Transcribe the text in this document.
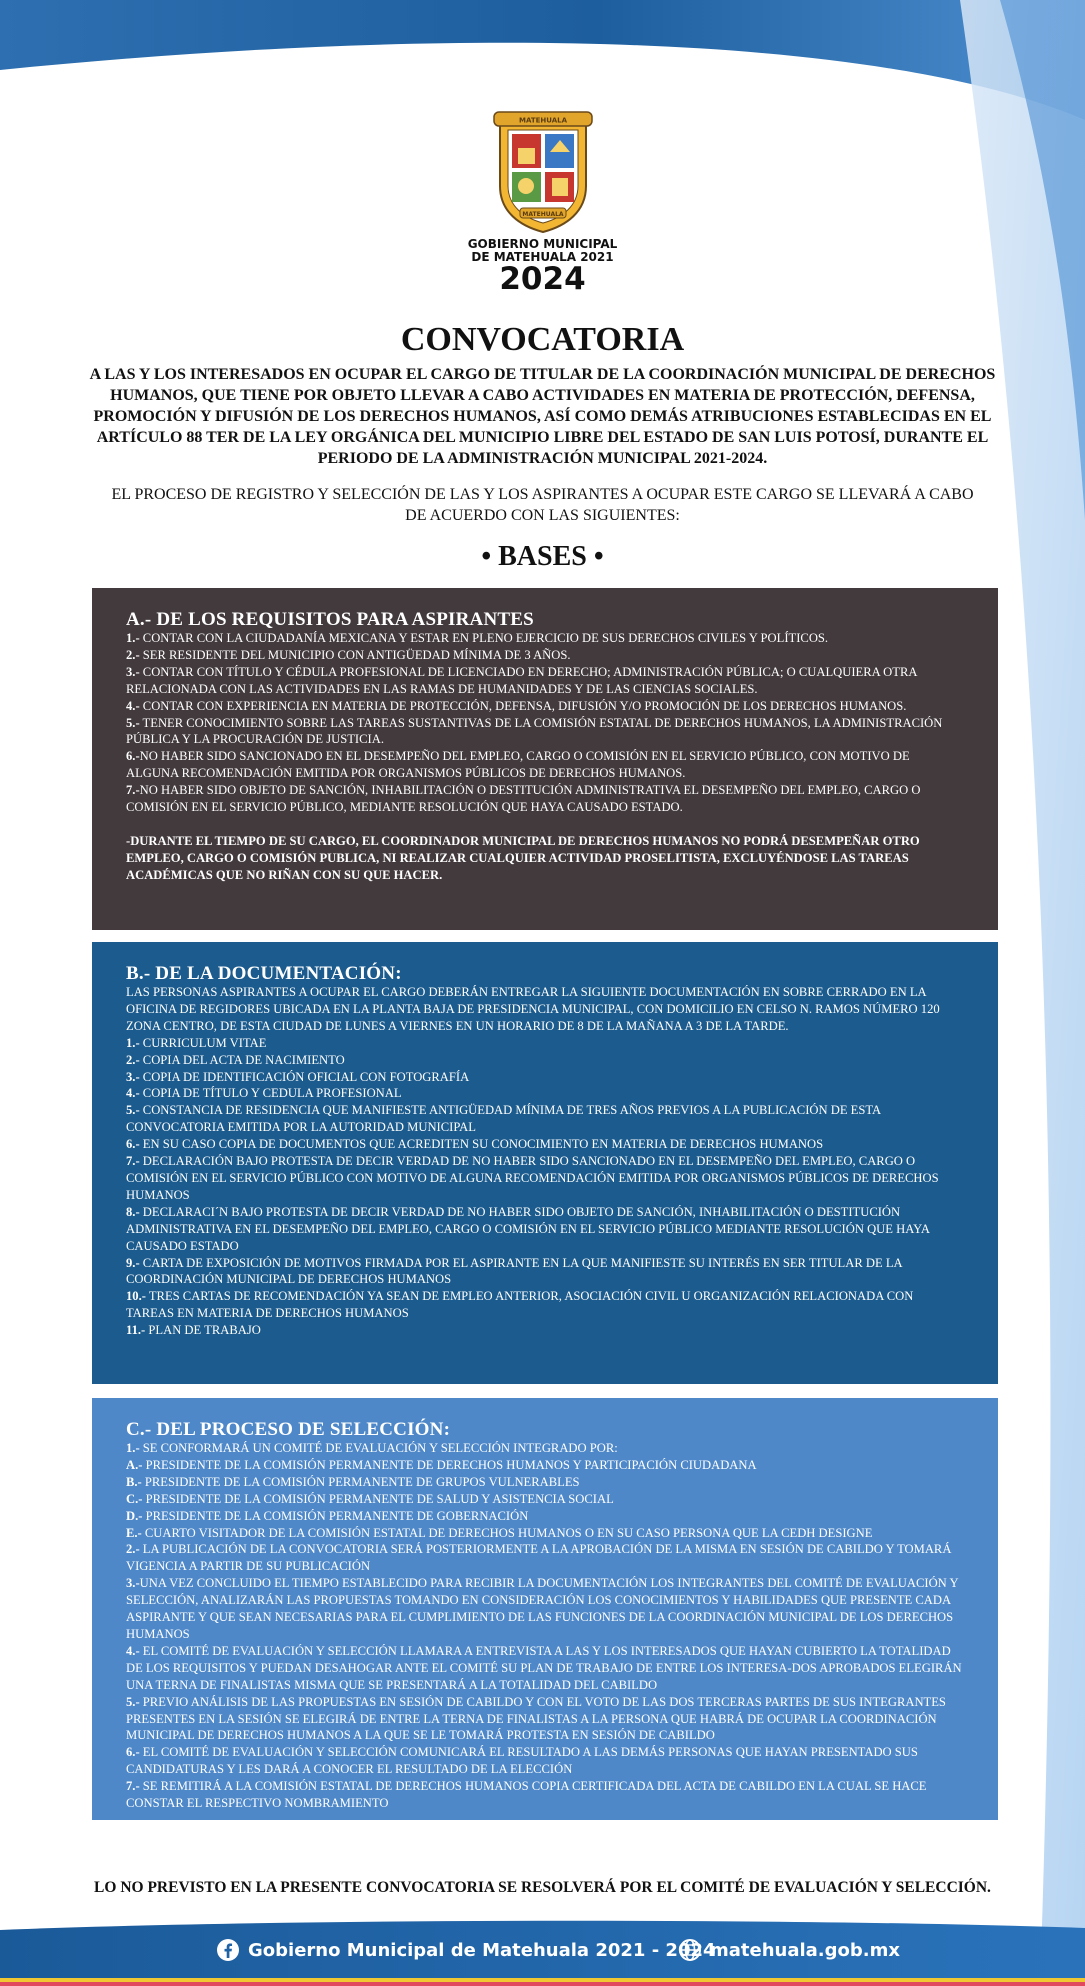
MATEHUALA
MATEHUALA
GOBIERNO MUNICIPAL
DE MATEHUALA 2021
2024
CONVOCATORIA
A LAS Y LOS INTERESADOS EN OCUPAR EL CARGO DE TITULAR DE LA COORDINACIÓN MUNICIPAL DE DERECHOS HUMANOS, QUE TIENE POR OBJETO LLEVAR A CABO ACTIVIDADES EN MATERIA DE PROTECCIÓN, DEFENSA, PROMOCIÓN Y DIFUSIÓN DE LOS DERECHOS HUMANOS, ASÍ COMO DEMÁS ATRIBUCIONES ESTABLECIDAS EN EL ARTÍCULO 88 TER DE LA LEY ORGÁNICA DEL MUNICIPIO LIBRE DEL ESTADO DE SAN LUIS POTOSÍ, DURANTE EL PERIODO DE LA ADMINISTRACIÓN MUNICIPAL 2021-2024.
EL PROCESO DE REGISTRO Y SELECCIÓN DE LAS Y LOS ASPIRANTES A OCUPAR ESTE CARGO SE LLEVARÁ A CABO DE ACUERDO CON LAS SIGUIENTES:
• BASES •
A.- DE LOS REQUISITOS PARA ASPIRANTES
1.- CONTAR CON LA CIUDADANÍA MEXICANA Y ESTAR EN PLENO EJERCICIO DE SUS DERECHOS CIVILES Y POLÍTICOS.
2.- SER RESIDENTE DEL MUNICIPIO CON ANTIGÜEDAD MÍNIMA DE 3 AÑOS.
3.- CONTAR CON TÍTULO Y CÉDULA PROFESIONAL DE LICENCIADO EN DERECHO; ADMINISTRACIÓN PÚBLICA; O CUALQUIERA OTRA RELACIONADA CON LAS ACTIVIDADES EN LAS RAMAS DE HUMANIDADES Y DE LAS CIENCIAS SOCIALES.
4.- CONTAR CON EXPERIENCIA EN MATERIA DE PROTECCIÓN, DEFENSA, DIFUSIÓN Y/O PROMOCIÓN DE LOS DERECHOS HUMANOS.
5.- TENER CONOCIMIENTO SOBRE LAS TAREAS SUSTANTIVAS DE LA COMISIÓN ESTATAL DE DERECHOS HUMANOS, LA ADMINISTRACIÓN PÚBLICA Y LA PROCURACIÓN DE JUSTICIA.
6.-NO HABER SIDO SANCIONADO EN EL DESEMPEÑO DEL EMPLEO, CARGO O COMISIÓN EN EL SERVICIO PÚBLICO, CON MOTIVO DE ALGUNA RECOMENDACIÓN EMITIDA POR ORGANISMOS PÚBLICOS DE DERECHOS HUMANOS.
7.-NO HABER SIDO OBJETO DE SANCIÓN, INHABILITACIÓN O DESTITUCIÓN ADMINISTRATIVA EL DESEMPEÑO DEL EMPLEO, CARGO O COMISIÓN EN EL SERVICIO PÚBLICO, MEDIANTE RESOLUCIÓN QUE HAYA CAUSADO ESTADO.
-DURANTE EL TIEMPO DE SU CARGO, EL COORDINADOR MUNICIPAL DE DERECHOS HUMANOS NO PODRÁ DESEMPEÑAR OTRO EMPLEO, CARGO O COMISIÓN PUBLICA, NI REALIZAR CUALQUIER ACTIVIDAD PROSELITISTA, EXCLUYÉNDOSE LAS TAREAS ACADÉMICAS QUE NO RIÑAN CON SU QUE HACER.
B.- DE LA DOCUMENTACIÓN:
LAS PERSONAS ASPIRANTES A OCUPAR EL CARGO DEBERÁN ENTREGAR LA SIGUIENTE DOCUMENTACIÓN EN SOBRE CERRADO EN LA OFICINA DE REGIDORES UBICADA EN LA PLANTA BAJA DE PRESIDENCIA MUNICIPAL, CON DOMICILIO EN CELSO N. RAMOS NÚMERO 120 ZONA CENTRO, DE ESTA CIUDAD DE LUNES A VIERNES EN UN HORARIO DE 8 DE LA MAÑANA A 3 DE LA TARDE.
1.- CURRICULUM VITAE
2.- COPIA DEL ACTA DE NACIMIENTO
3.- COPIA DE IDENTIFICACIÓN OFICIAL CON FOTOGRAFÍA
4.- COPIA DE TÍTULO Y CEDULA PROFESIONAL
5.- CONSTANCIA DE RESIDENCIA QUE MANIFIESTE ANTIGÜEDAD MÍNIMA DE TRES AÑOS PREVIOS A LA PUBLICACIÓN DE ESTA CONVOCATORIA EMITIDA POR LA AUTORIDAD MUNICIPAL
6.- EN SU CASO COPIA DE DOCUMENTOS QUE ACREDITEN SU CONOCIMIENTO EN MATERIA DE DERECHOS HUMANOS
7.- DECLARACIÓN BAJO PROTESTA DE DECIR VERDAD DE NO HABER SIDO SANCIONADO EN EL DESEMPEÑO DEL EMPLEO, CARGO O COMISIÓN EN EL SERVICIO PÚBLICO CON MOTIVO DE ALGUNA RECOMENDACIÓN EMITIDA POR ORGANISMOS PÚBLICOS DE DERECHOS HUMANOS
8.- DECLARACI´N BAJO PROTESTA DE DECIR VERDAD DE NO HABER SIDO OBJETO DE SANCIÓN, INHABILITACIÓN O DESTITUCIÓN ADMINISTRATIVA EN EL DESEMPEÑO DEL EMPLEO, CARGO O COMISIÓN EN EL SERVICIO PÚBLICO MEDIANTE RESOLUCIÓN QUE HAYA CAUSADO ESTADO
9.- CARTA DE EXPOSICIÓN DE MOTIVOS FIRMADA POR EL ASPIRANTE EN LA QUE MANIFIESTE SU INTERÉS EN SER TITULAR DE LA COORDINACIÓN MUNICIPAL DE DERECHOS HUMANOS
10.- TRES CARTAS DE RECOMENDACIÓN YA SEAN DE EMPLEO ANTERIOR, ASOCIACIÓN CIVIL U ORGANIZACIÓN RELACIONADA CON TAREAS EN MATERIA DE DERECHOS HUMANOS
11.- PLAN DE TRABAJO
C.- DEL PROCESO DE SELECCIÓN:
1.- SE CONFORMARÁ UN COMITÉ DE EVALUACIÓN Y SELECCIÓN INTEGRADO POR:
A.- PRESIDENTE DE LA COMISIÓN PERMANENTE DE DERECHOS HUMANOS Y PARTICIPACIÓN CIUDADANA
B.- PRESIDENTE DE LA COMISIÓN PERMANENTE DE GRUPOS VULNERABLES
C.- PRESIDENTE DE LA COMISIÓN PERMANENTE DE SALUD Y ASISTENCIA SOCIAL
D.- PRESIDENTE DE LA COMISIÓN PERMANENTE DE GOBERNACIÓN
E.- CUARTO VISITADOR DE LA COMISIÓN ESTATAL DE DERECHOS HUMANOS O EN SU CASO PERSONA QUE LA CEDH DESIGNE
2.- LA PUBLICACIÓN DE LA CONVOCATORIA SERÁ POSTERIORMENTE A LA APROBACIÓN DE LA MISMA EN SESIÓN DE CABILDO Y TOMARÁ VIGENCIA A PARTIR DE SU PUBLICACIÓN
3.-UNA VEZ CONCLUIDO EL TIEMPO ESTABLECIDO PARA RECIBIR LA DOCUMENTACIÓN LOS INTEGRANTES DEL COMITÉ DE EVALUACIÓN Y SELECCIÓN, ANALIZARÁN LAS PROPUESTAS TOMANDO EN CONSIDERACIÓN LOS CONOCIMIENTOS Y HABILIDADES QUE PRESENTE CADA ASPIRANTE Y QUE SEAN NECESARIAS PARA EL CUMPLIMIENTO DE LAS FUNCIONES DE LA COORDINACIÓN MUNICIPAL DE LOS DERECHOS HUMANOS
4.- EL COMITÉ DE EVALUACIÓN Y SELECCIÓN LLAMARA A ENTREVISTA A LAS Y LOS INTERESADOS QUE HAYAN CUBIERTO LA TOTALIDAD DE LOS REQUISITOS Y PUEDAN DESAHOGAR ANTE EL COMITÉ SU PLAN DE TRABAJO DE ENTRE LOS INTERESA-DOS APROBADOS ELEGIRÁN UNA TERNA DE FINALISTAS MISMA QUE SE PRESENTARÁ A LA TOTALIDAD DEL CABILDO
5.- PREVIO ANÁLISIS DE LAS PROPUESTAS EN SESIÓN DE CABILDO Y CON EL VOTO DE LAS DOS TERCERAS PARTES DE SUS INTEGRANTES PRESENTES EN LA SESIÓN SE ELEGIRÁ DE ENTRE LA TERNA DE FINALISTAS A LA PERSONA QUE HABRÁ DE OCUPAR LA COORDINACIÓN MUNICIPAL DE DERECHOS HUMANOS A LA QUE SE LE TOMARÁ PROTESTA EN SESIÓN DE CABILDO
6.- EL COMITÉ DE EVALUACIÓN Y SELECCIÓN COMUNICARÁ EL RESULTADO A LAS DEMÁS PERSONAS QUE HAYAN PRESENTADO SUS CANDIDATURAS Y LES DARÁ A CONOCER EL RESULTADO DE LA ELECCIÓN
7.- SE REMITIRÁ A LA COMISIÓN ESTATAL DE DERECHOS HUMANOS COPIA CERTIFICADA DEL ACTA DE CABILDO EN LA CUAL SE HACE CONSTAR EL RESPECTIVO NOMBRAMIENTO
LO NO PREVISTO EN LA PRESENTE CONVOCATORIA SE RESOLVERÁ POR EL COMITÉ DE EVALUACIÓN Y SELECCIÓN.
Gobierno Municipal de Matehuala 2021 - 2024
matehuala.gob.mx
